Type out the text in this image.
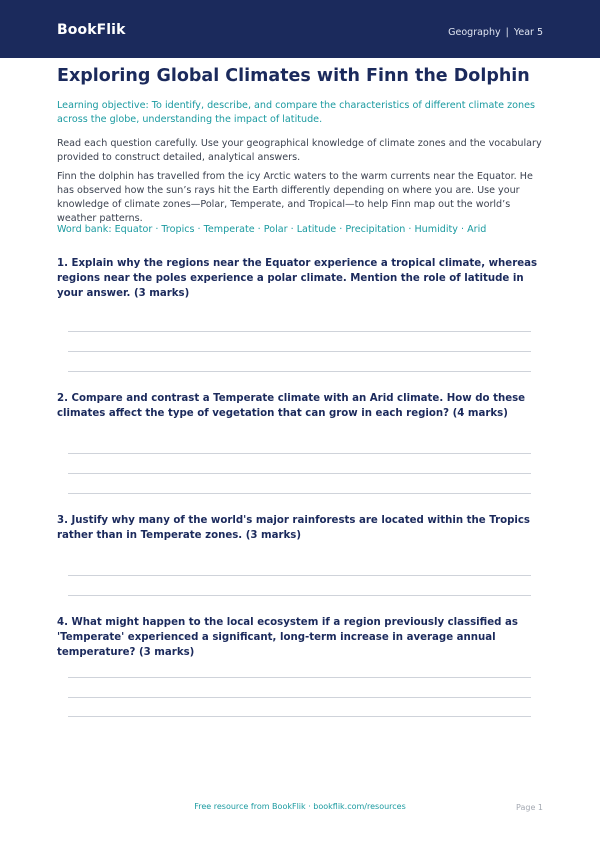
BookFlik	Geography | Year 5
Exploring Global Climates with Finn the Dolphin

Learning objective: To identify, describe, and compare the characteristics of different climate zones across the globe, understanding the impact of latitude.

Read each question carefully. Use your geographical knowledge of climate zones and the vocabulary provided to construct detailed, analytical answers.

Finn the dolphin has travelled from the icy Arctic waters to the warm currents near the Equator. He has observed how the sun’s rays hit the Earth differently depending on where you are. Use your knowledge of climate zones—Polar, Temperate, and Tropical—to help Finn map out the world’s weather patterns.

Word bank: Equator · Tropics · Temperate · Polar · Latitude · Precipitation · Humidity · Arid

1. Explain why the regions near the Equator experience a tropical climate, whereas regions near the poles experience a polar climate. Mention the role of latitude in your answer. (3 marks)

2. Compare and contrast a Temperate climate with an Arid climate. How do these climates affect the type of vegetation that can grow in each region? (4 marks)

3. Justify why many of the world's major rainforests are located within the Tropics rather than in Temperate zones. (3 marks)

4. What might happen to the local ecosystem if a region previously classified as 'Temperate' experienced a significant, long-term increase in average annual temperature? (3 marks)

Free resource from BookFlik · bookflik.com/resources	Page 1
